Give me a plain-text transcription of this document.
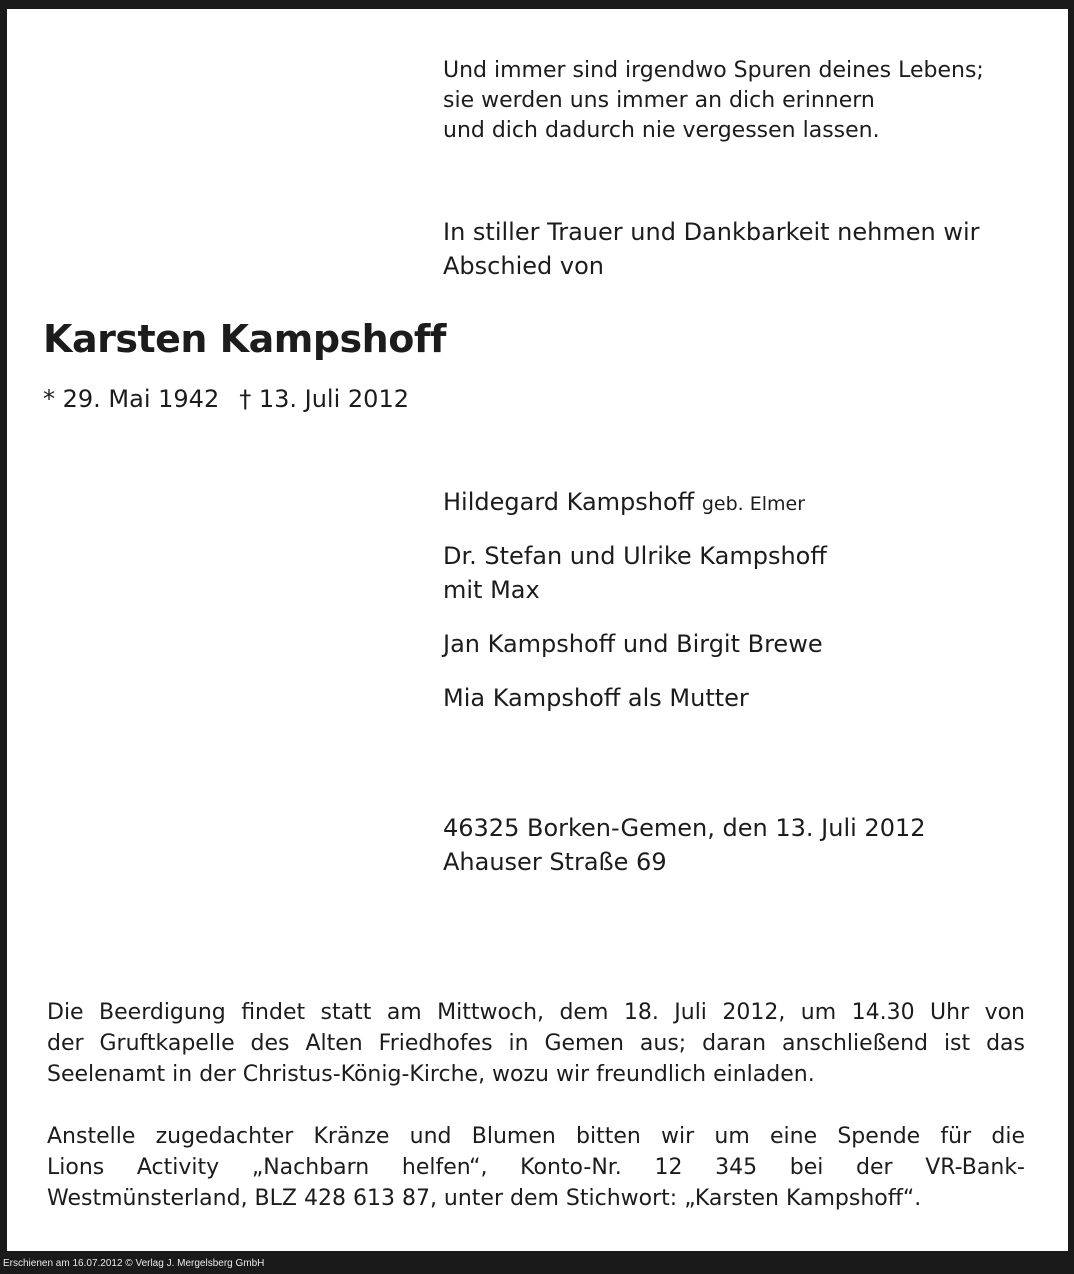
Und immer sind irgendwo Spuren deines Lebens;
sie werden uns immer an dich erinnern
und dich dadurch nie vergessen lassen.
In stiller Trauer und Dankbarkeit nehmen wir
Abschied von
Karsten Kampshoff
* 29. Mai 1942 † 13. Juli 2012
Hildegard Kampshoff geb. Elmer
Dr. Stefan und Ulrike Kampshoff
mit Max
Jan Kampshoff und Birgit Brewe
Mia Kampshoff als Mutter
46325 Borken-Gemen, den 13. Juli 2012
Ahauser Straße 69
Die Beerdigung findet statt am Mittwoch, dem 18. Juli 2012, um 14.30 Uhr von
der Gruftkapelle des Alten Friedhofes in Gemen aus; daran anschließend ist das
Seelenamt in der Christus-König-Kirche, wozu wir freundlich einladen.
Anstelle zugedachter Kränze und Blumen bitten wir um eine Spende für die
Lions Activity „Nachbarn helfen“, Konto-Nr. 12 345 bei der VR-Bank-
Westmünsterland, BLZ 428 613 87, unter dem Stichwort: „Karsten Kampshoff“.
Erschienen am 16.07.2012 © Verlag J. Mergelsberg GmbH
